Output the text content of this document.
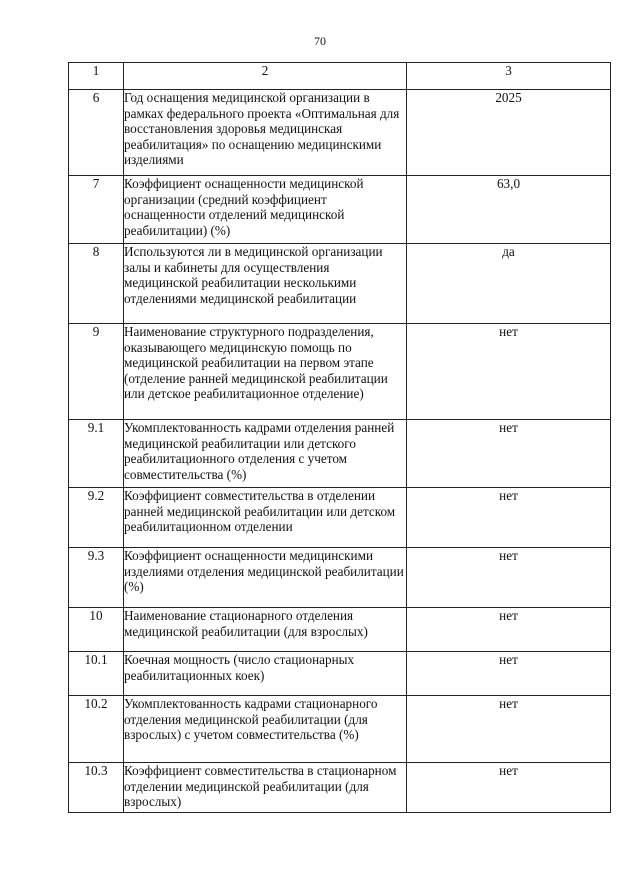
70
1	2	3
6	Год оснащения медицинской организации в рамках федерального проекта «Оптимальная для восстановления здоровья медицинская реабилитация» по оснащению медицинскими изделиями	2025
7	Коэффициент оснащенности медицинской организации (средний коэффициент оснащенности отделений медицинской реабилитации) (%)	63,0
8	Используются ли в медицинской организации залы и кабинеты для осуществления медицинской реабилитации несколькими отделениями медицинской реабилитации	да
9	Наименование структурного подразделения, оказывающего медицинскую помощь по медицинской реабилитации на первом этапе (отделение ранней медицинской реабилитации или детское реабилитационное отделение)	нет
9.1	Укомплектованность кадрами отделения ранней медицинской реабилитации или детского реабилитационного отделения с учетом совместительства (%)	нет
9.2	Коэффициент совместительства в отделении ранней медицинской реабилитации или детском реабилитационном отделении	нет
9.3	Коэффициент оснащенности медицинскими изделиями отделения медицинской реабилитации (%)	нет
10	Наименование стационарного отделения медицинской реабилитации (для взрослых)	нет
10.1	Коечная мощность (число стационарных реабилитационных коек)	нет
10.2	Укомплектованность кадрами стационарного отделения медицинской реабилитации (для взрослых) с учетом совместительства (%)	нет
10.3	Коэффициент совместительства в стационарном отделении медицинской реабилитации (для взрослых)	нет
